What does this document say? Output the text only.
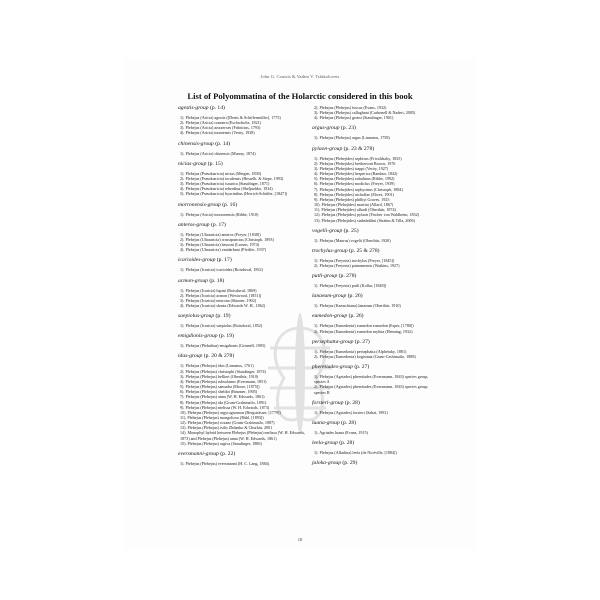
John G. Coutsis & Vadim V. Tshikolovets
List of Polyommatina of the Holarctic considered in this book
agestis-group (p. 14)
1). Plebejus (Aricia) agestis ([Denis & Schiffermüller], 1775)
2). Plebejus (Aricia) cramera (Eschscholtz, 1821)
3). Plebejus (Aricia) artaxerxes (Fabricius, 1793)
4). Plebejus (Aricia) montensis (Verity, 1928)
chinensis-group (p. 14)
1). Plebejus (Aricia) chinensis (Murray, 1874)
nicias-group (p. 15)
1). Plebejus (Pseudoaricia) nicias (Meigen, 1830)
2). Plebejus (Pseudoaricia) torulensis (Hesselb. & Siepe, 1993)
3). Plebejus (Pseudoaricia) isaurica (Staudinger, 1871)
4). Plebejus (Pseudoaricia) teberdina (Sheljuzhko, 1934)
5). Plebejus (Pseudoaricia) hyacinthus (Herrich-Schäffer, [1847])
morronensis-group (p. 16)
1). Plebejus (Aricia) morronensis (Ribbe, 1910)
anteros-group (p. 17)
1). Plebejus (Ultraaricia) anteros (Freyer, [1838])
2). Plebejus (Ultraaricia) crassipunctus (Christoph, 1893)
3). Plebejus (Ultraaricia) bassoni (Larsen, 1974)
4). Plebejus (Ultraaricia) vandarbani (Pfeiffer, 1937)
icarioides-group (p. 17)
1). Plebejus (Icaricia) icarioides (Boisduval, 1852)
acmon-group (p. 18)
1). Plebejus (Icaricia) lupini (Boisduval, 1869)
2). Plebejus (Icaricia) acmon (Westwood, [1851])
3). Plebejus (Icaricia) neurona (Skinner, 1902)
4). Plebejus (Icaricia) shasta (Edwards W. H., 1862)
saepiolus-group (p. 19)
1). Plebejus (Icaricia) saepiolus (Boisduval, 1852)
emigdionis-group (p. 19)
1). Plebejus (Plebulina) emigdionis (Grinnell, 1905)
idas-group (p. 20 & 278)
1). Plebejus (Plebejus) idas (Linnaeus, 1761)
2). Plebejus (Plebejus) christophi (Staudinger, 1874)
3). Plebejus (Plebejus) bellieri (Oberthür, 1910)
4). Plebejus (Plebejus) rubsolanus (Evermann, 1851)
5). Plebejus (Plebejus) samudra (Moore, [1875])
6). Plebejus (Plebejus) sheldoi (Brunner, 1905)
7). Plebejus (Plebejus) anna (W. H. Edwards, 1861)
8). Plebejus (Plebejus) ida (Grum-Grshimailo, 1891)
9). Plebejus (Plebejus) melissa (W. H. Edwards, 1873)
10). Plebejus (Plebejus) argyrognomon (Bergsträsser, [1779])
11). Plebejus (Plebejus) mongolicus (Rühl, [1893])
12). Plebejus (Plebejus) roxane (Grum-Grshimailo, 1887)
13). Plebejus (Plebejus) tsilis Zhdanko & Churkin, 2001
14). Monophyl hybrid between Plebejus (Plebejus) melissa (W. H. Edwards, 1873) and Plebejus (Plebejus) anna (W. H. Edwards, 1861)
15). Plebejus (Plebejus) argiva (Staudinger, 1886)
eversmanni-group (p. 22)
1). Plebejus (Plebejus) eversmanni (H. C. Lang, 1884)
2). Plebejus (Plebejus) fuscus (Evans, 1932)
3). Plebejus (Plebejus) callaghani (Carbonell & Naderi, 2005)
4). Plebejus (Plebejus) gromi (Staudinger, 1901)
argus-group (p. 23)
1). Plebejus (Plebejus) argus (Linnaeus, 1758)
pylaon-group (p. 23 & 278)
1). Plebejus (Plebejides) sephirus (Frivaldszky, 1835)
2). Plebejus (Plebejides) brethertoni Brown, 1976
3). Plebejus (Plebejides) trappi (Verity, 1927)
4). Plebejus (Plebejides) hesperica (Rambur, 1842)
5). Plebejus (Plebejides) zabulinus (Ribbe, 1992)
6). Plebejus (Plebejides) modiclus (Freyer, 1939)
7). Plebejus (Plebejides) sephyrinus (Christoph, 1884)
8). Plebejus (Plebejides) nichollae (Elwes, 1901)
9). Plebejus (Plebejides) philbyi Graves, 1925
10). Plebejus (Plebejides) martini (Allard, 1867)
11). Plebejus (Plebejides) allardi (Oberthür, 1874)
12). Plebejus (Plebejides) pylaon (Fischer von Waldheim, 1832)
13). Plebejus (Plebejides) sinbahdilini (Strahm & Tilla, 2006)
vogelii-group (p. 25)
1). Plebejus (Maurus) vogelii (Oberthür, 1920)
trochylus-group (p. 25 & 278)
1). Plebejus (Freyeria) trochylus (Freyer, [1845])
2). Plebejus (Freyeria) putnamensis (Watkins, 1927)
putli-group (p. 278)
1). Plebejus (Freyeria) putli (Kollar, [1848])
lanaeum-group (p. 26)
1). Plebejus (Kamschiana) lanaeum (Oberthür, 1910)
eumedon-group (p. 26)
1). Plebejus (Eumedonia) eumedon eumedon (Esper, [1780])
2). Plebejus (Eumedonia) eumedon mylitta (Henning, 1932)
persephatta-group (p. 27)
1). Plebejus (Eumedonia) persephatta (Alphéraky, 1881)
2). Plebejus (Eumedonia) kogistana (Grum-Grshimailo, 1888)
pheretiades-group (p. 27)
1). Plebejus (Agriades) pheretiades (Eversmann, 1843) species group, species A
2). Plebejus (Agriades) pheretiades (Eversmann, 1843) species group, species B
forsteri-group (p. 28)
1). Plebejus (Agriades) forsteri (Sakai, 1981)
luana-group (p. 28)
1). Agriades luana (Evans, 1915)
leela-group (p. 28)
1). Plebejus (Albulina) leela (de Nicéville, [1884])
jaloka-group (p. 29)
10
